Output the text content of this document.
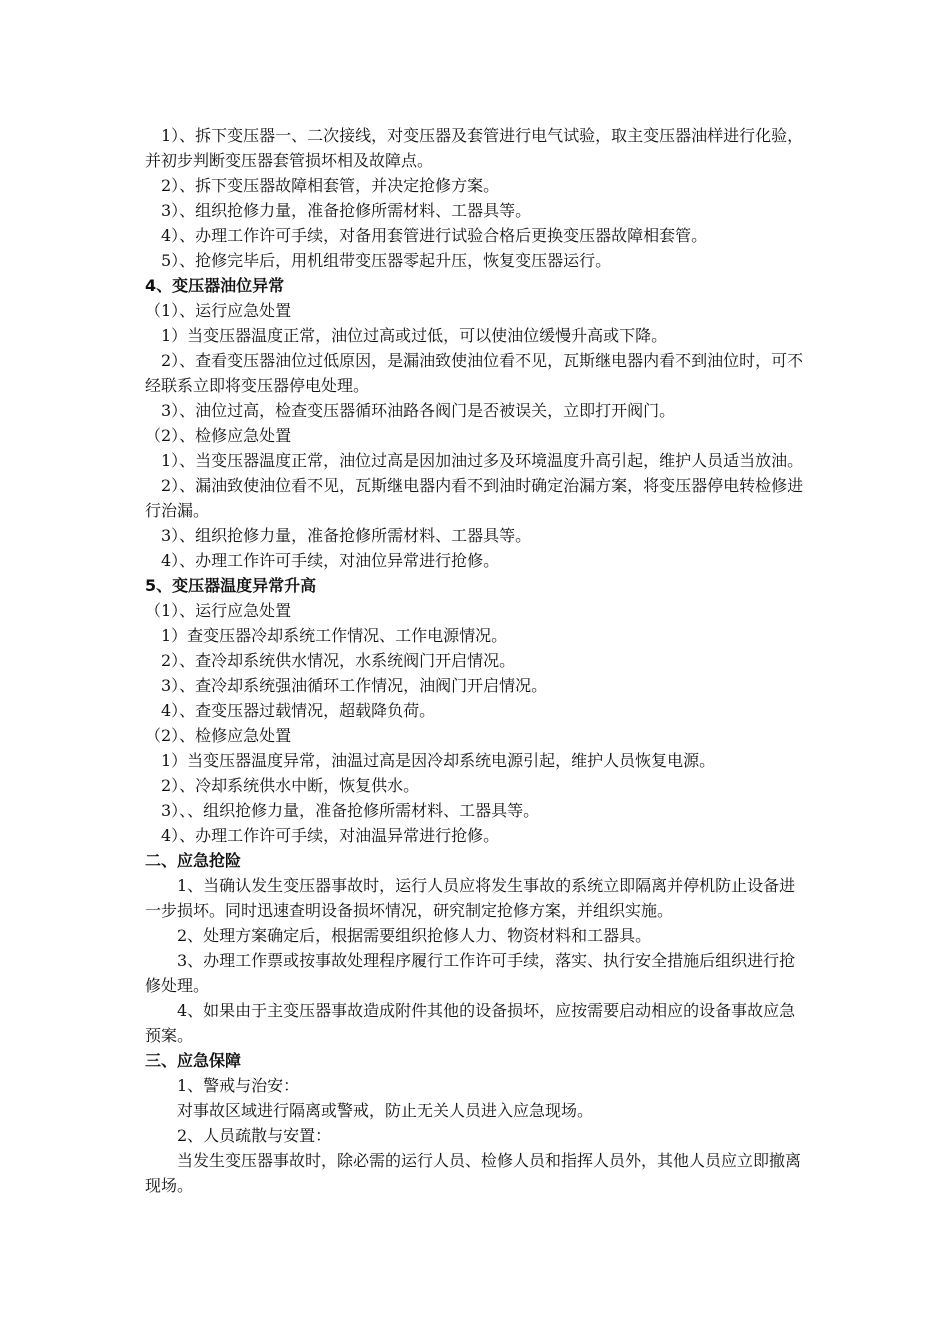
1）、拆下变压器一、二次接线，对变压器及套管进行电气试验，取主变压器油样进行化验，并初步判断变压器套管损坏相及故障点。

2）、拆下变压器故障相套管，并决定抢修方案。

3）、组织抢修力量，准备抢修所需材料、工器具等。

4）、办理工作许可手续，对备用套管进行试验合格后更换变压器故障相套管。

5）、抢修完毕后，用机组带变压器零起升压，恢复变压器运行。

4、变压器油位异常

（1）、运行应急处置

1）当变压器温度正常，油位过高或过低，可以使油位缓慢升高或下降。

2）、查看变压器油位过低原因，是漏油致使油位看不见，瓦斯继电器内看不到油位时，可不经联系立即将变压器停电处理。

3）、油位过高，检查变压器循环油路各阀门是否被误关，立即打开阀门。

（2）、检修应急处置

1）、当变压器温度正常，油位过高是因加油过多及环境温度升高引起，维护人员适当放油。

2）、漏油致使油位看不见，瓦斯继电器内看不到油时确定治漏方案，将变压器停电转检修进行治漏。

3）、组织抢修力量，准备抢修所需材料、工器具等。

4）、办理工作许可手续，对油位异常进行抢修。

5、变压器温度异常升高

（1）、运行应急处置

1）查变压器冷却系统工作情况、工作电源情况。

2）、查冷却系统供水情况，水系统阀门开启情况。

3）、查冷却系统强油循环工作情况，油阀门开启情况。

4）、查变压器过载情况，超载降负荷。

（2）、检修应急处置

1）当变压器温度异常，油温过高是因冷却系统电源引起，维护人员恢复电源。

2）、冷却系统供水中断，恢复供水。

3）、、组织抢修力量，准备抢修所需材料、工器具等。

4）、办理工作许可手续，对油温异常进行抢修。

二、应急抢险

1、当确认发生变压器事故时，运行人员应将发生事故的系统立即隔离并停机防止设备进一步损坏。同时迅速查明设备损坏情况，研究制定抢修方案，并组织实施。

2、处理方案确定后，根据需要组织抢修人力、物资材料和工器具。

3、办理工作票或按事故处理程序履行工作许可手续，落实、执行安全措施后组织进行抢修处理。

4、如果由于主变压器事故造成附件其他的设备损坏，应按需要启动相应的设备事故应急预案。

三、应急保障

1、警戒与治安：

对事故区域进行隔离或警戒，防止无关人员进入应急现场。

2、人员疏散与安置：

当发生变压器事故时，除必需的运行人员、检修人员和指挥人员外，其他人员应立即撤离现场。
